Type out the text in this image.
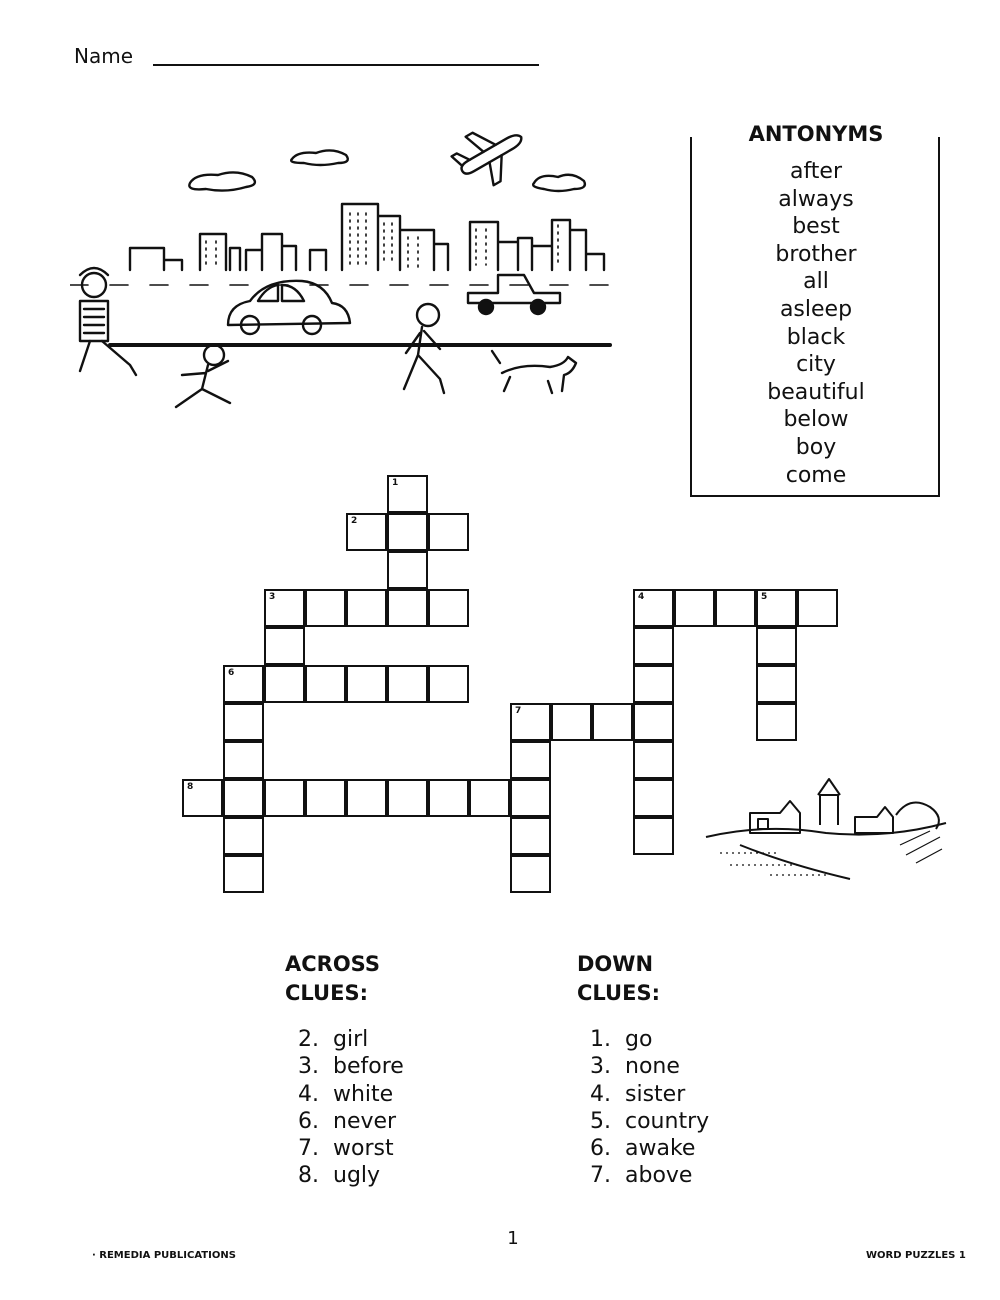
Name
ANTONYMS
after
always
best
brother
all
asleep
black
city
beautiful
below
boy
come
1
2
3	4	5
6
7
8
ACROSS
CLUES:
DOWN
CLUES:
2. girl
3. before
4. white
6. never
7. worst
8. ugly
1. go
3. none
4. sister
5. country
6. awake
7. above
1
· REMEDIA PUBLICATIONS	WORD PUZZLES 1
